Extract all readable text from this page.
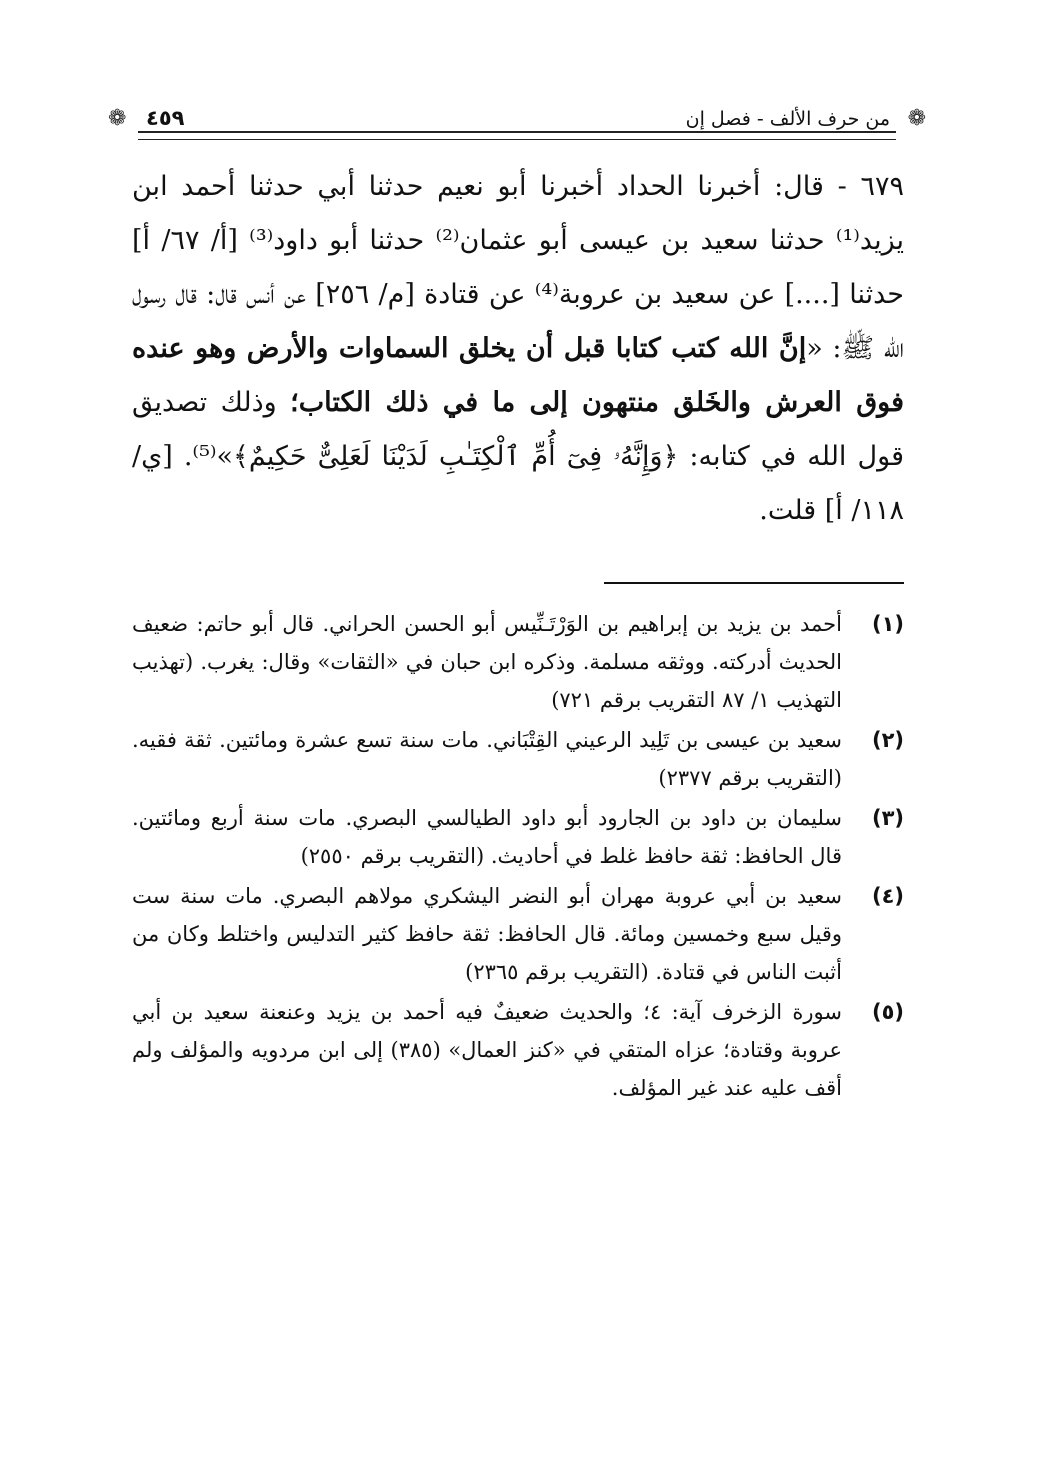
❁
من حرف الألف - فصل إن
٤٥٩
❁
٦٧٩ - قال: أخبرنا الحداد أخبرنا أبو نعيم حدثنا أبي حدثنا أحمد ابن يزيد⁽¹⁾ حدثنا سعيد بن عيسى أبو عثمان⁽²⁾ حدثنا أبو داود⁽³⁾ [أ/ ٦٧/ أ] حدثنا [....] عن سعيد بن عروبة⁽⁴⁾ عن قتادة [م/ ٢٥٦] عن أنس قال: قال رسول الله ﷺ: «إنَّ الله كتب كتابا قبل أن يخلق السماوات والأرض وهو عنده فوق العرش والخَلق منتهون إلى ما في ذلك الكتاب؛ وذلك تصديق قول الله في كتابه: ﴿وَإِنَّهُۥ فِىٓ أُمِّ ٱلْكِتَـٰبِ لَدَيْنَا لَعَلِىٌّ حَكِيمٌ﴾»⁽⁵⁾. [ي/ ١١٨/ أ] قلت.
(١)
أحمد بن يزيد بن إبراهيم بن الوَرْتَـنِّيس أبو الحسن الحراني. قال أبو حاتم: ضعيف الحديث أدركته. ووثقه مسلمة. وذكره ابن حبان في «الثقات» وقال: يغرب. (تهذيب التهذيب ١/ ٨٧ التقريب برقم ٧٢١)
(٢)
سعيد بن عيسى بن تَلِيد الرعيني القِتْبَاني. مات سنة تسع عشرة ومائتين. ثقة فقيه. (التقريب برقم ٢٣٧٧)
(٣)
سليمان بن داود بن الجارود أبو داود الطيالسي البصري. مات سنة أربع ومائتين. قال الحافظ: ثقة حافظ غلط في أحاديث. (التقريب برقم ٢٥٥٠)
(٤)
سعيد بن أبي عروبة مهران أبو النضر اليشكري مولاهم البصري. مات سنة ست وقيل سبع وخمسين ومائة. قال الحافظ: ثقة حافظ كثير التدليس واختلط وكان من أثبت الناس في قتادة. (التقريب برقم ٢٣٦٥)
(٥)
سورة الزخرف آية: ٤؛ والحديث ضعيفٌ فيه أحمد بن يزيد وعنعنة سعيد بن أبي عروبة وقتادة؛ عزاه المتقي في «كنز العمال» (٣٨٥) إلى ابن مردويه والمؤلف ولم أقف عليه عند غير المؤلف.
